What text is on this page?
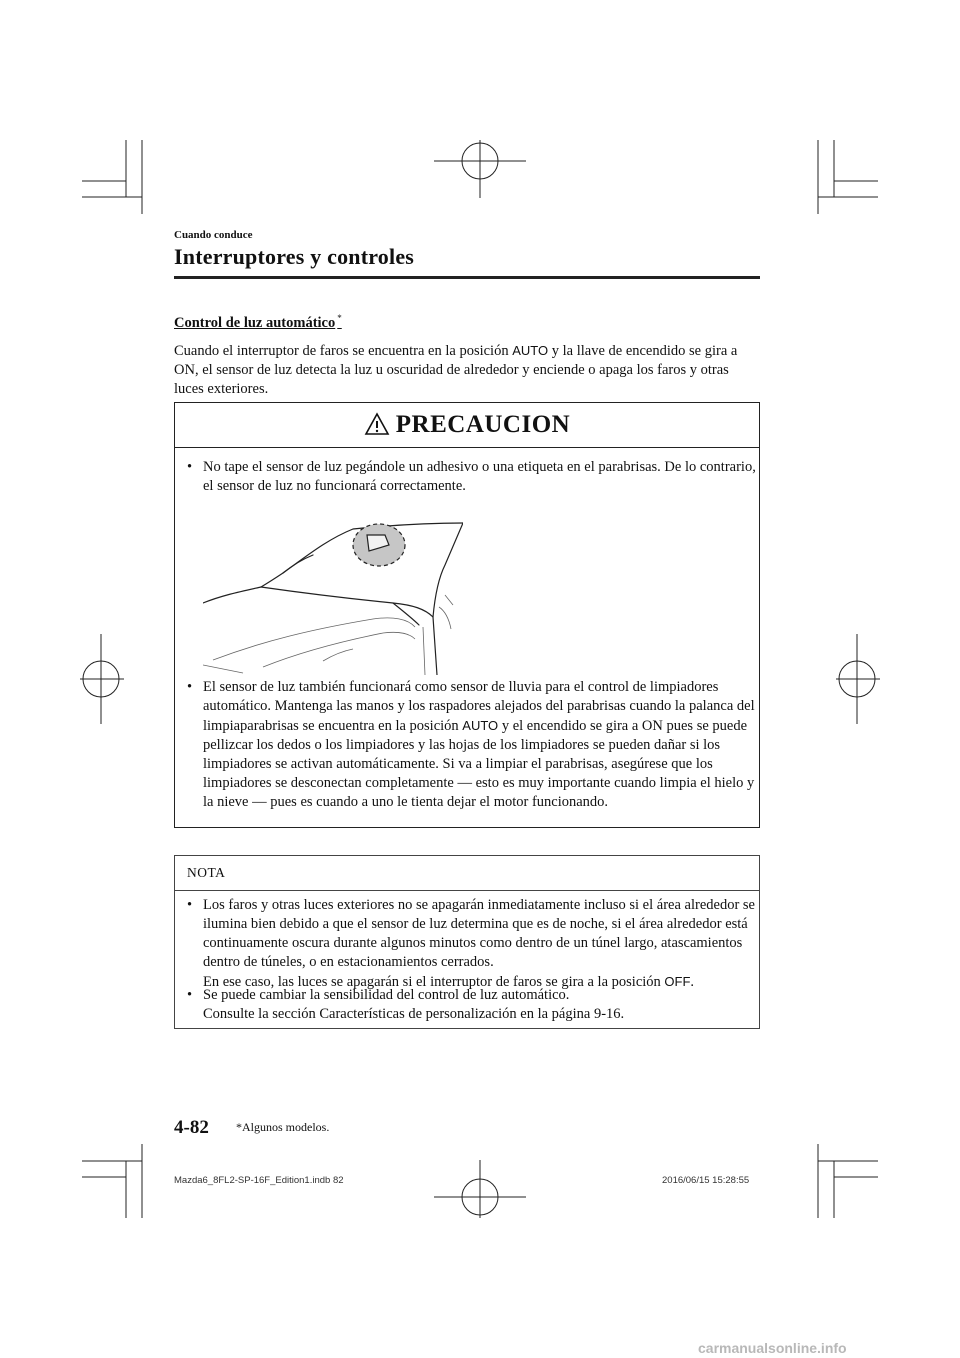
Cuando conduce
Interruptores y controles
Control de luz automático *
Cuando el interruptor de faros se encuentra en la posición AUTO y la llave de encendido se gira a ON, el sensor de luz detecta la luz u oscuridad de alrededor y enciende o apaga los faros y otras luces exteriores.
PRECAUCION
• No tape el sensor de luz pegándole un adhesivo o una etiqueta en el parabrisas. De lo contrario, el sensor de luz no funcionará correctamente.
• El sensor de luz también funcionará como sensor de lluvia para el control de limpiadores automático. Mantenga las manos y los raspadores alejados del parabrisas cuando la palanca del limpiaparabrisas se encuentra en la posición AUTO y el encendido se gira a ON pues se puede pellizcar los dedos o los limpiadores y las hojas de los limpiadores se pueden dañar si los limpiadores se activan automáticamente. Si va a limpiar el parabrisas, asegúrese que los limpiadores se desconectan completamente — esto es muy importante cuando limpia el hielo y la nieve — pues es cuando a uno le tienta dejar el motor funcionando.
NOTA
• Los faros y otras luces exteriores no se apagarán inmediatamente incluso si el área alrededor se ilumina bien debido a que el sensor de luz determina que es de noche, si el área alrededor está continuamente oscura durante algunos minutos como dentro de un túnel largo, atascamientos dentro de túneles, o en estacionamientos cerrados.
En ese caso, las luces se apagarán si el interruptor de faros se gira a la posición OFF.
• Se puede cambiar la sensibilidad del control de luz automático.
Consulte la sección Características de personalización en la página 9-16.
4-82 *Algunos modelos.
Mazda6_8FL2-SP-16F_Edition1.indb 82	2016/06/15 15:28:55
carmanualsonline.info
